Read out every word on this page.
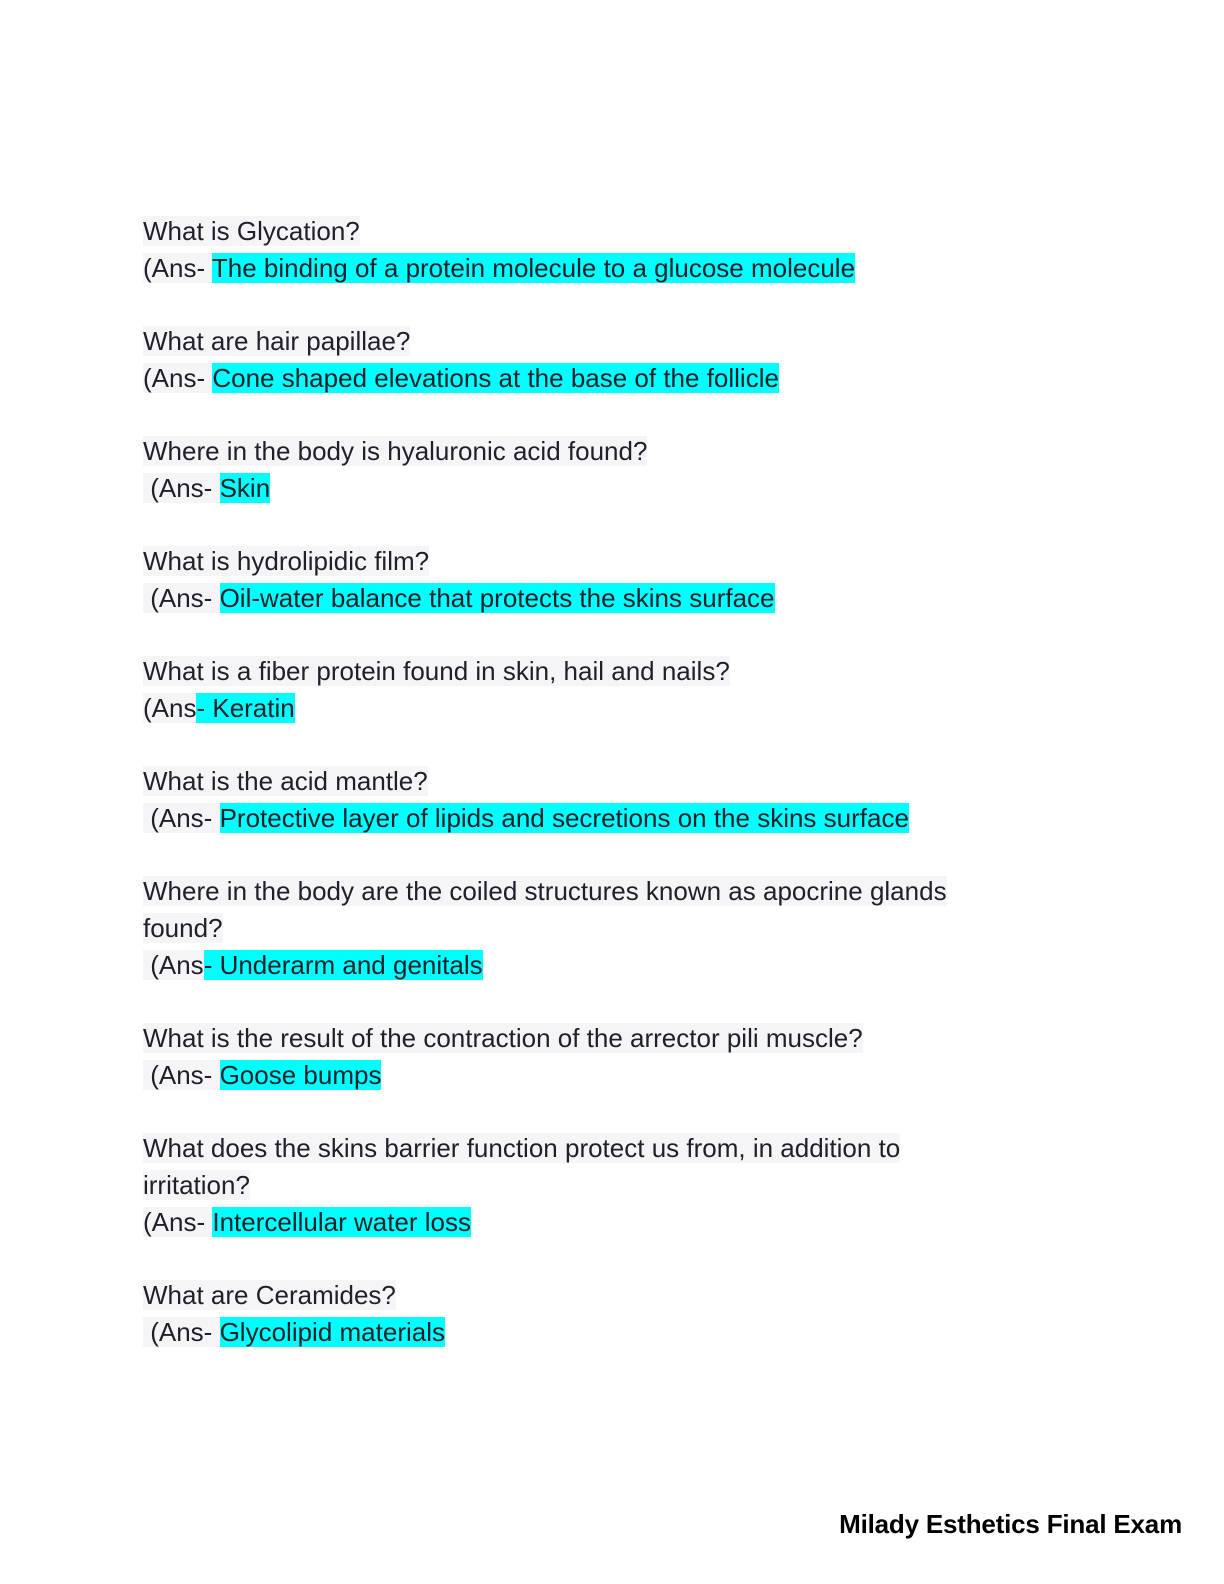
What is Glycation?
(Ans- The binding of a protein molecule to a glucose molecule
What are hair papillae?
(Ans- Cone shaped elevations at the base of the follicle
Where in the body is hyaluronic acid found?
(Ans- Skin
What is hydrolipidic film?
(Ans- Oil-water balance that protects the skins surface
What is a fiber protein found in skin, hail and nails?
(Ans- Keratin
What is the acid mantle?
(Ans- Protective layer of lipids and secretions on the skins surface
Where in the body are the coiled structures known as apocrine glands
found?
(Ans- Underarm and genitals
What is the result of the contraction of the arrector pili muscle?
(Ans- Goose bumps
What does the skins barrier function protect us from, in addition to
irritation?
(Ans- Intercellular water loss
What are Ceramides?
(Ans- Glycolipid materials
Milady Esthetics Final Exam
